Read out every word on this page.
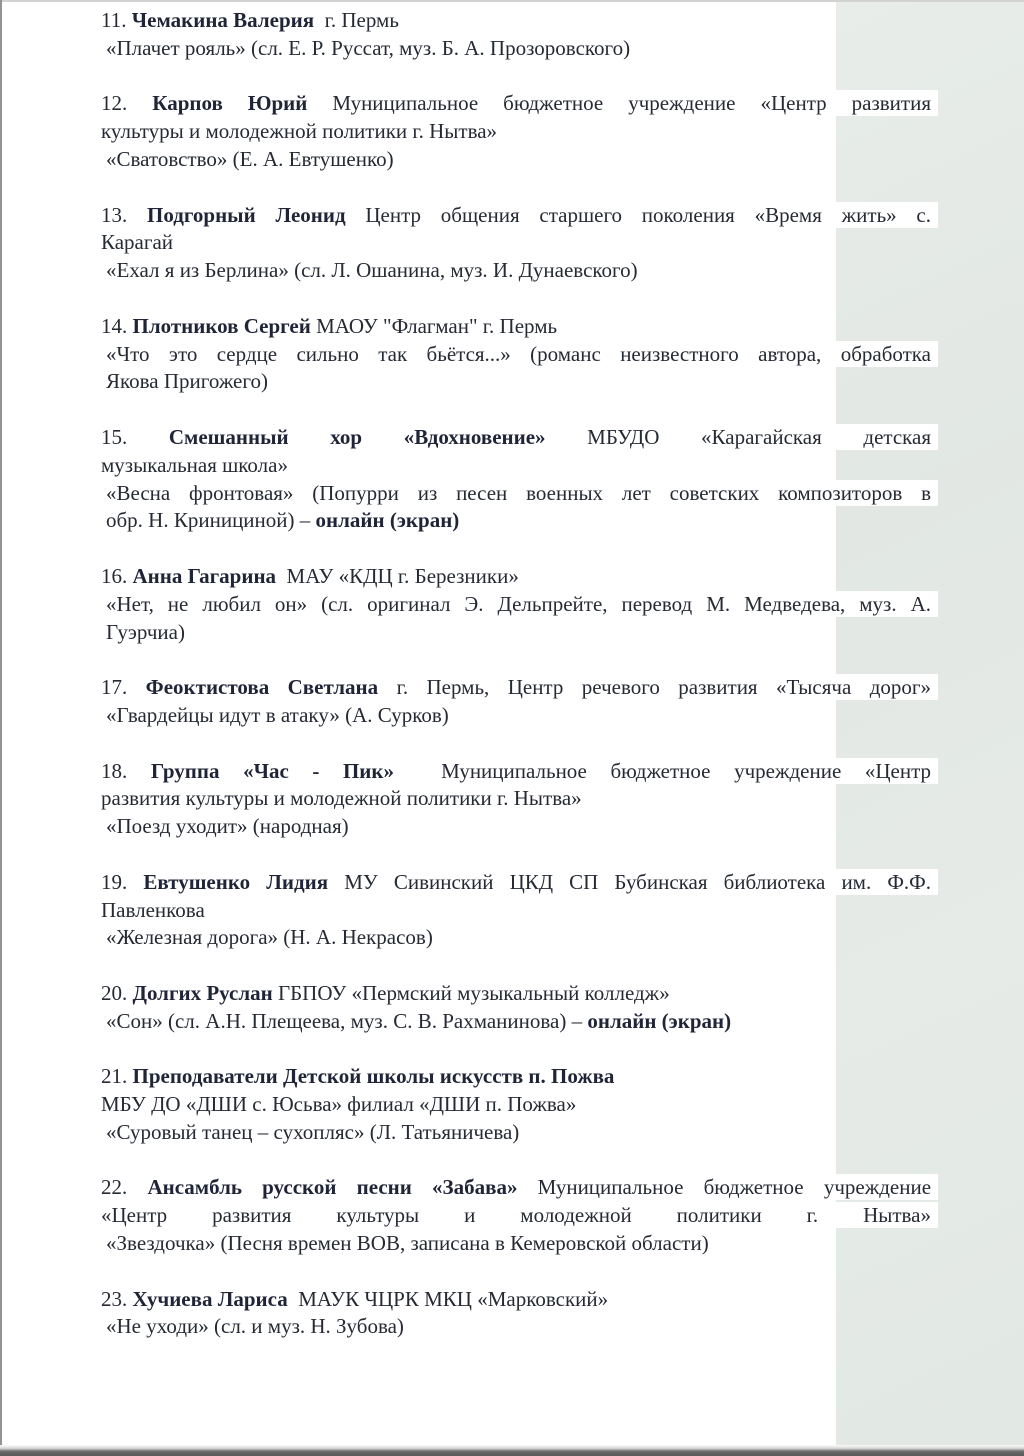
11. Чемакина Валерия  г. Пермь
«Плачет рояль» (сл. Е. Р. Руссат, муз. Б. А. Прозоровского)
12. Карпов Юрий Муниципальное бюджетное учреждение «Центр развития
культуры и молодежной политики г. Нытва»
«Сватовство» (Е. А. Евтушенко)
13. Подгорный Леонид Центр общения старшего поколения «Время жить» с.
Карагай
«Ехал я из Берлина» (сл. Л. Ошанина, муз. И. Дунаевского)
14. Плотников Сергей МАОУ "Флагман" г. Пермь
«Что это сердце сильно так бьётся...» (романс неизвестного автора, обработка
Якова Пригожего)
15. Смешанный хор «Вдохновение» МБУДО «Карагайская детская
музыкальная школа»
«Весна фронтовая» (Попурри из песен военных лет советских композиторов в
обр. Н. Кринициной) – онлайн (экран)
16. Анна Гагарина  МАУ «КДЦ г. Березники»
«Нет, не любил он» (сл. оригинал Э. Дельпрейте, перевод М. Медведева, муз. А.
Гуэрчиа)
17. Феоктистова Светлана г. Пермь, Центр речевого развития «Тысяча дорог»
«Гвардейцы идут в атаку» (А. Сурков)
18. Группа «Час - Пик»  Муниципальное бюджетное учреждение «Центр
развития культуры и молодежной политики г. Нытва»
«Поезд уходит» (народная)
19. Евтушенко Лидия МУ Сивинский ЦКД СП Бубинская библиотека им. Ф.Ф.
Павленкова
«Железная дорога» (Н. А. Некрасов)
20. Долгих Руслан ГБПОУ «Пермский музыкальный колледж»
«Сон» (сл. А.Н. Плещеева, муз. С. В. Рахманинова) – онлайн (экран)
21. Преподаватели Детской школы искусств п. Пожва
МБУ ДО «ДШИ с. Юсьва» филиал «ДШИ п. Пожва»
«Суровый танец – сухопляс» (Л. Татьяничева)
22. Ансамбль русской песни «Забава» Муниципальное бюджетное учреждение
«Центр развития культуры и молодежной политики г. Нытва»
«Звездочка» (Песня времен ВОВ, записана в Кемеровской области)
23. Хучиева Лариса  МАУК ЧЦРК МКЦ «Марковский»
«Не уходи» (сл. и муз. Н. Зубова)
